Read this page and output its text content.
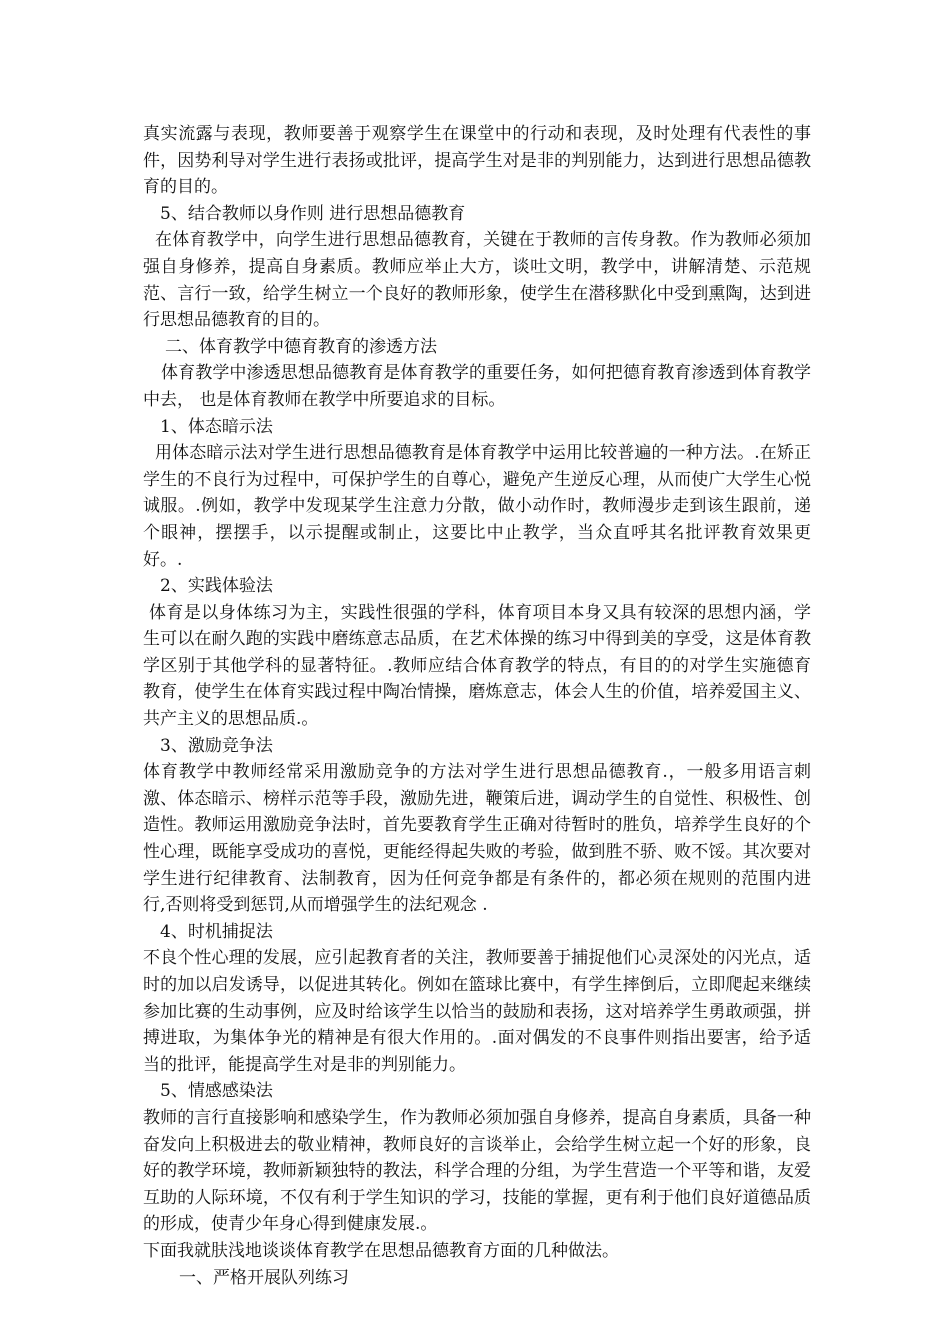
真实流露与表现，教师要善于观察学生在课堂中的行动和表现，及时处理有代表性的事件，因势利导对学生进行表扬或批评，提高学生对是非的判别能力，达到进行思想品德教育的目的。

5、结合教师以身作则 进行思想品德教育

在体育教学中，向学生进行思想品德教育，关键在于教师的言传身教。作为教师必须加强自身修养，提高自身素质。教师应举止大方，谈吐文明，教学中，讲解清楚、示范规范、言行一致，给学生树立一个良好的教师形象，使学生在潜移默化中受到熏陶，达到进行思想品德教育的目的。

二、体育教学中德育教育的渗透方法

体育教学中渗透思想品德教育是体育教学的重要任务，如何把德育教育渗透到体育教学中去， 也是体育教师在教学中所要追求的目标。

1、体态暗示法

用体态暗示法对学生进行思想品德教育是体育教学中运用比较普遍的一种方法。.在矫正学生的不良行为过程中，可保护学生的自尊心，避免产生逆反心理，从而使广大学生心悦诚服。.例如，教学中发现某学生注意力分散，做小动作时，教师漫步走到该生跟前，递个眼神，摆摆手，以示提醒或制止，这要比中止教学，当众直呼其名批评教育效果更好。.

2、实践体验法

体育是以身体练习为主，实践性很强的学科，体育项目本身又具有较深的思想内涵，学生可以在耐久跑的实践中磨练意志品质，在艺术体操的练习中得到美的享受，这是体育教学区别于其他学科的显著特征。.教师应结合体育教学的特点，有目的的对学生实施德育教育，使学生在体育实践过程中陶冶情操，磨炼意志，体会人生的价值，培养爱国主义、共产主义的思想品质.。

3、激励竞争法

体育教学中教师经常采用激励竞争的方法对学生进行思想品德教育.，一般多用语言刺激、体态暗示、榜样示范等手段，激励先进，鞭策后进，调动学生的自觉性、积极性、创造性。教师运用激励竞争法时，首先要教育学生正确对待暂时的胜负，培养学生良好的个性心理，既能享受成功的喜悦，更能经得起失败的考验，做到胜不骄、败不馁。其次要对学生进行纪律教育、法制教育，因为任何竞争都是有条件的，都必须在规则的范围内进行,否则将受到惩罚,从而增强学生的法纪观念 .

4、时机捕捉法

不良个性心理的发展，应引起教育者的关注，教师要善于捕捉他们心灵深处的闪光点，适时的加以启发诱导，以促进其转化。例如在篮球比赛中，有学生摔倒后，立即爬起来继续参加比赛的生动事例，应及时给该学生以恰当的鼓励和表扬，这对培养学生勇敢顽强，拼搏进取，为集体争光的精神是有很大作用的。.面对偶发的不良事件则指出要害，给予适当的批评，能提高学生对是非的判别能力。

5、情感感染法

教师的言行直接影响和感染学生，作为教师必须加强自身修养，提高自身素质，具备一种奋发向上积极进去的敬业精神，教师良好的言谈举止，会给学生树立起一个好的形象，良好的教学环境，教师新颖独特的教法，科学合理的分组，为学生营造一个平等和谐，友爱互助的人际环境，不仅有利于学生知识的学习，技能的掌握，更有利于他们良好道德品质的形成，使青少年身心得到健康发展.。

下面我就肤浅地谈谈体育教学在思想品德教育方面的几种做法。

一、严格开展队列练习
